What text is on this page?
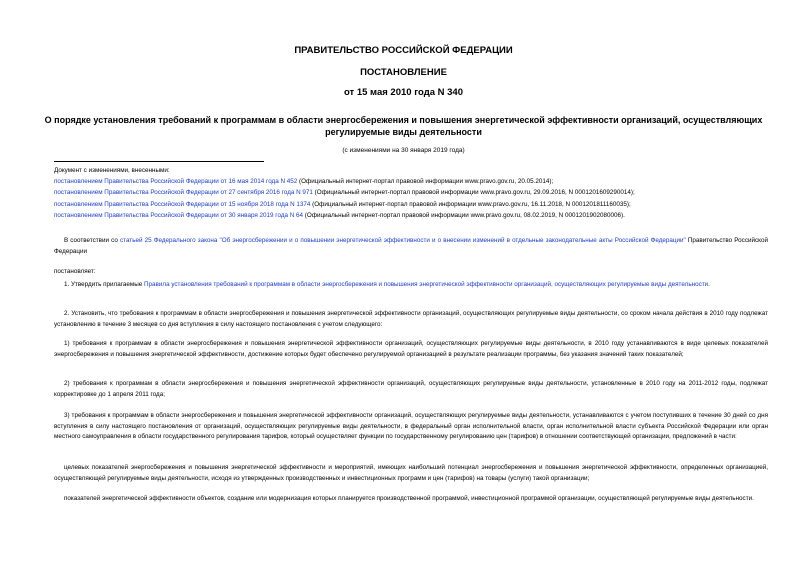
ПРАВИТЕЛЬСТВО РОССИЙСКОЙ ФЕДЕРАЦИИ
ПОСТАНОВЛЕНИЕ
от 15 мая 2010 года N 340
О порядке установления требований к программам в области энергосбережения и повышения энергетической эффективности организаций, осуществляющих регулируемые виды деятельности
(с изменениями на 30 января 2019 года)
Документ с изменениями, внесенными:
постановлением Правительства Российской Федерации от 16 мая 2014 года N 452 (Официальный интернет-портал правовой информации www.pravo.gov.ru, 20.05.2014);
постановлением Правительства Российской Федерации от 27 сентября 2016 года N 971 (Официальный интернет-портал правовой информации www.pravo.gov.ru, 29.09.2016, N 0001201609290014);
постановлением Правительства Российской Федерации от 15 ноября 2018 года N 1374 (Официальный интернет-портал правовой информации www.pravo.gov.ru, 16.11.2018, N 0001201811160035);
постановлением Правительства Российской Федерации от 30 января 2019 года N 64 (Официальный интернет-портал правовой информации www.pravo.gov.ru, 08.02.2019, N 0001201902080006).
В соответствии со статьей 25 Федерального закона "Об энергосбережении и о повышении энергетической эффективности и о внесении изменений в отдельные законодательные акты Российской Федерации" Правительство Российской Федерации
постановляет:
1. Утвердить прилагаемые Правила установления требований к программам в области энергосбережения и повышения энергетической эффективности организаций, осуществляющих регулируемые виды деятельности.
2. Установить, что требования к программам в области энергосбережения и повышения энергетической эффективности организаций, осуществляющих регулируемые виды деятельности, со сроком начала действия в 2010 году подлежат установлению в течение 3 месяцев со дня вступления в силу настоящего постановления с учетом следующего:
1) требования к программам в области энергосбережения и повышения энергетической эффективности организаций, осуществляющих регулируемые виды деятельности, в 2010 году устанавливаются в виде целевых показателей энергосбережения и повышения энергетической эффективности, достижение которых будет обеспечено регулируемой организацией в результате реализации программы, без указания значений таких показателей;
2) требования к программам в области энергосбережения и повышения энергетической эффективности организаций, осуществляющих регулируемые виды деятельности, установленные в 2010 году на 2011-2012 годы, подлежат корректировке до 1 апреля 2011 года;
3) требования к программам в области энергосбережения и повышения энергетической эффективности организаций, осуществляющих регулируемые виды деятельности, устанавливаются с учетом поступивших в течение 30 дней со дня вступления в силу настоящего постановления от организаций, осуществляющих регулируемые виды деятельности, в федеральный орган исполнительной власти, орган исполнительной власти субъекта Российской Федерации или орган местного самоуправления в области государственного регулирования тарифов, который осуществляет функции по государственному регулированию цен (тарифов) в отношении соответствующей организации, предложений в части:
целевых показателей энергосбережения и повышения энергетической эффективности и мероприятий, имеющих наибольший потенциал энергосбережения и повышения энергетической эффективности, определенных организацией, осуществляющей регулируемые виды деятельности, исходя из утвержденных производственных и инвестиционных программ и цен (тарифов) на товары (услуги) такой организации;
показателей энергетической эффективности объектов, создание или модернизация которых планируется производственной программой, инвестиционной программой организации, осуществляющей регулируемые виды деятельности.
